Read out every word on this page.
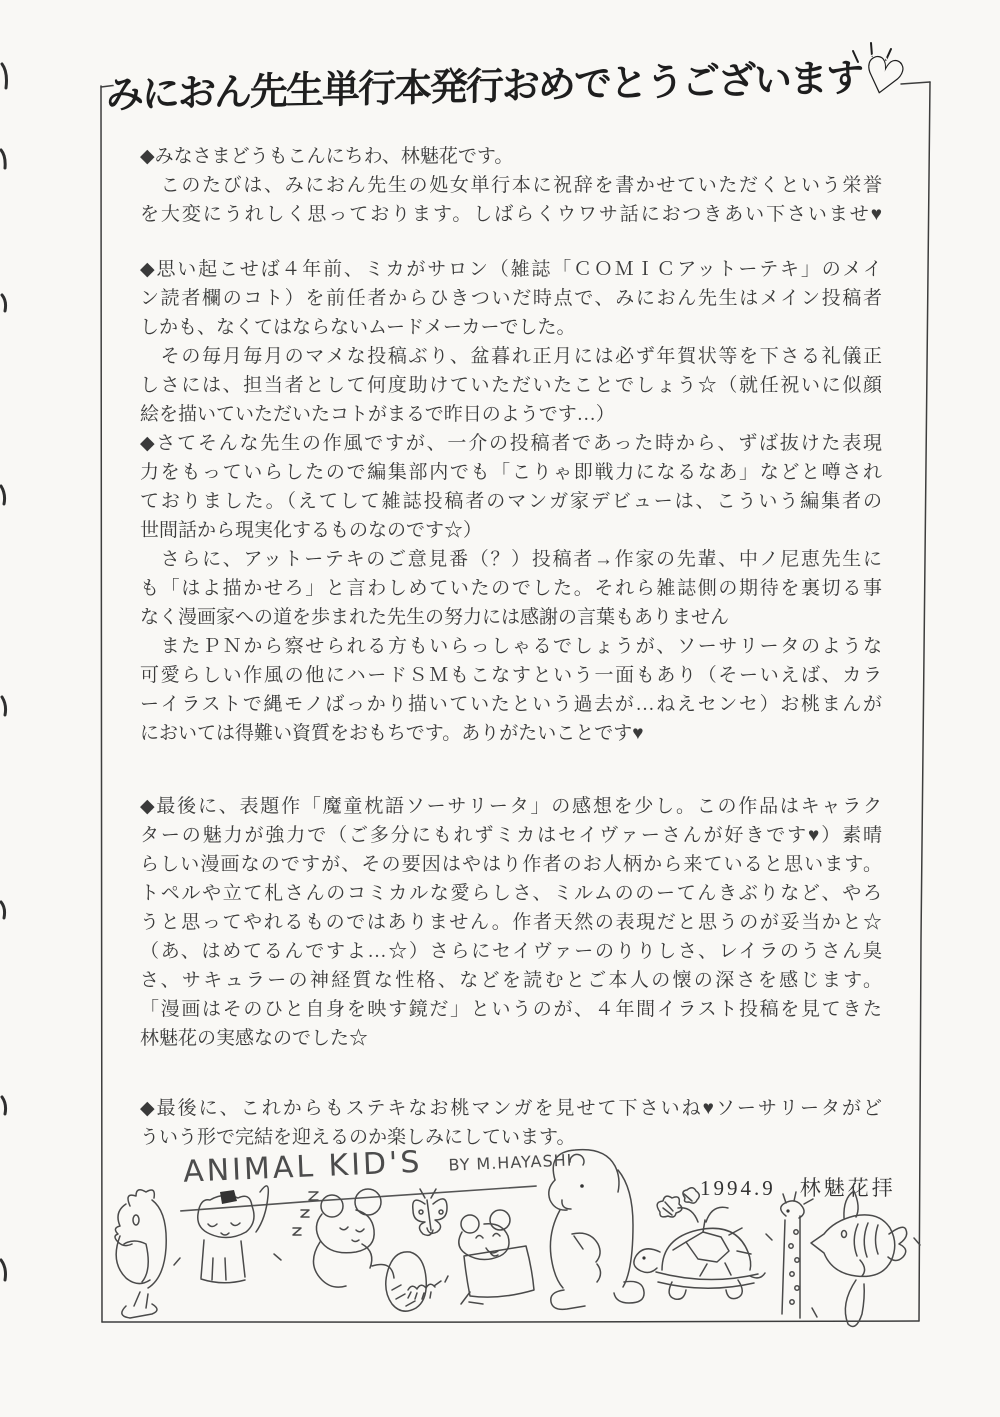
みにおん先生単行本発行おめでとうございます♡
◆みなさまどうもこんにちわ、林魅花です。
　このたびは、みにおん先生の処女単行本に祝辞を書かせていただくという栄誉
を大変にうれしく思っております。しばらくウワサ話におつきあい下さいませ♥
◆思い起こせば４年前、ミカがサロン（雑誌「ＣＯＭＩＣアットーテキ」のメイ
ン読者欄のコト）を前任者からひきついだ時点で、みにおん先生はメイン投稿者
しかも、なくてはならないムードメーカーでした。
　その毎月毎月のマメな投稿ぶり、盆暮れ正月には必ず年賀状等を下さる礼儀正
しさには、担当者として何度助けていただいたことでしょう☆（就任祝いに似顔
絵を描いていただいたコトがまるで昨日のようです…）
◆さてそんな先生の作風ですが、一介の投稿者であった時から、ずば抜けた表現
力をもっていらしたので編集部内でも「こりゃ即戦力になるなあ」などと噂され
ておりました。（えてして雑誌投稿者のマンガ家デビューは、こういう編集者の
世間話から現実化するものなのです☆）
　さらに、アットーテキのご意見番（？）投稿者→作家の先輩、中ノ尼恵先生に
も「はよ描かせろ」と言わしめていたのでした。それら雑誌側の期待を裏切る事
なく漫画家への道を歩まれた先生の努力には感謝の言葉もありません
　またＰＮから察せられる方もいらっしゃるでしょうが、ソーサリータのような
可愛らしい作風の他にハードＳＭもこなすという一面もあり（そーいえば、カラ
ーイラストで縄モノばっかり描いていたという過去が…ねえセンセ）お桃まんが
においては得難い資質をおもちです。ありがたいことです♥
◆最後に、表題作「魔童枕語ソーサリータ」の感想を少し。この作品はキャラク
ターの魅力が強力で（ご多分にもれずミカはセイヴァーさんが好きです♥）素晴
らしい漫画なのですが、その要因はやはり作者のお人柄から来ていると思います。
トペルや立て札さんのコミカルな愛らしさ、ミルムののーてんきぶりなど、やろ
うと思ってやれるものではありません。作者天然の表現だと思うのが妥当かと☆
（あ、はめてるんですよ…☆）さらにセイヴァーのりりしさ、レイラのうさん臭
さ、サキュラーの神経質な性格、などを読むとご本人の懐の深さを感じます。
「漫画はそのひと自身を映す鏡だ」というのが、４年間イラスト投稿を見てきた
林魅花の実感なのでした☆
◆最後に、これからもステキなお桃マンガを見せて下さいね♥ソーサリータがど
ういう形で完結を迎えるのか楽しみにしています。
ANIMAL KID'S BY M.HAYASHI
1994.9　林魅花拝
